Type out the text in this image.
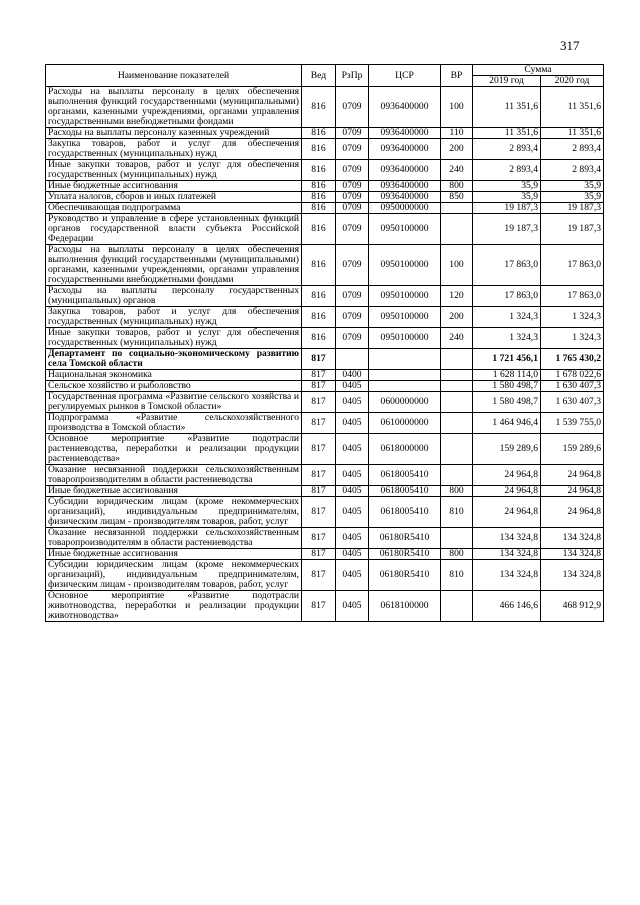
317
Наименование показателей	Вед	РзПр	ЦСР	ВР	Сумма	
					2019 год	2020 год
Расходы на выплаты персоналу в целях обеспечения выполнения функций государственными (муниципальными) органами, казенными учреждениями, органами управления государственными внебюджетными фондами	816	0709	0936400000	100	11 351,6	11 351,6
Расходы на выплаты персоналу казенных учреждений	816	0709	0936400000	110	11 351,6	11 351,6
Закупка товаров, работ и услуг для обеспечения государственных (муниципальных) нужд	816	0709	0936400000	200	2 893,4	2 893,4
Иные закупки товаров, работ и услуг для обеспечения государственных (муниципальных) нужд	816	0709	0936400000	240	2 893,4	2 893,4
Иные бюджетные ассигнования	816	0709	0936400000	800	35,9	35,9
Уплата налогов, сборов и иных платежей	816	0709	0936400000	850	35,9	35,9
Обеспечивающая подпрограмма	816	0709	0950000000		19 187,3	19 187,3
Руководство и управление в сфере установленных функций органов государственной власти субъекта Российской Федерации	816	0709	0950100000		19 187,3	19 187,3
Расходы на выплаты персоналу в целях обеспечения выполнения функций государственными (муниципальными) органами, казенными учреждениями, органами управления государственными внебюджетными фондами	816	0709	0950100000	100	17 863,0	17 863,0
Расходы на выплаты персоналу государственных (муниципальных) органов	816	0709	0950100000	120	17 863,0	17 863,0
Закупка товаров, работ и услуг для обеспечения государственных (муниципальных) нужд	816	0709	0950100000	200	1 324,3	1 324,3
Иные закупки товаров, работ и услуг для обеспечения государственных (муниципальных) нужд	816	0709	0950100000	240	1 324,3	1 324,3
Департамент по социально-экономическому развитию села Томской области	817				1 721 456,1	1 765 430,2
Национальная экономика	817	0400			1 628 114,0	1 678 022,6
Сельское хозяйство и рыболовство	817	0405			1 580 498,7	1 630 407,3
Государственная программа «Развитие сельского хозяйства и регулируемых рынков в Томской области»	817	0405	0600000000		1 580 498,7	1 630 407,3
Подпрограмма «Развитие сельскохозяйственного производства в Томской области»	817	0405	0610000000		1 464 946,4	1 539 755,0
Основное мероприятие «Развитие подотрасли растениеводства, переработки и реализации продукции растениеводства»	817	0405	0618000000		159 289,6	159 289,6
Оказание несвязанной поддержки сельскохозяйственным товаропроизводителям в области растениеводства	817	0405	0618005410		24 964,8	24 964,8
Иные бюджетные ассигнования	817	0405	0618005410	800	24 964,8	24 964,8
Субсидии юридическим лицам (кроме некоммерческих организаций), индивидуальным предпринимателям, физическим лицам - производителям товаров, работ, услуг	817	0405	0618005410	810	24 964,8	24 964,8
Оказание несвязанной поддержки сельскохозяйственным товаропроизводителям в области растениеводства	817	0405	06180R5410		134 324,8	134 324,8
Иные бюджетные ассигнования	817	0405	06180R5410	800	134 324,8	134 324,8
Субсидии юридическим лицам (кроме некоммерческих организаций), индивидуальным предпринимателям, физическим лицам - производителям товаров, работ, услуг	817	0405	06180R5410	810	134 324,8	134 324,8
Основное мероприятие «Развитие подотрасли животноводства, переработки и реализации продукции животноводства»	817	0405	0618100000		466 146,6	468 912,9
